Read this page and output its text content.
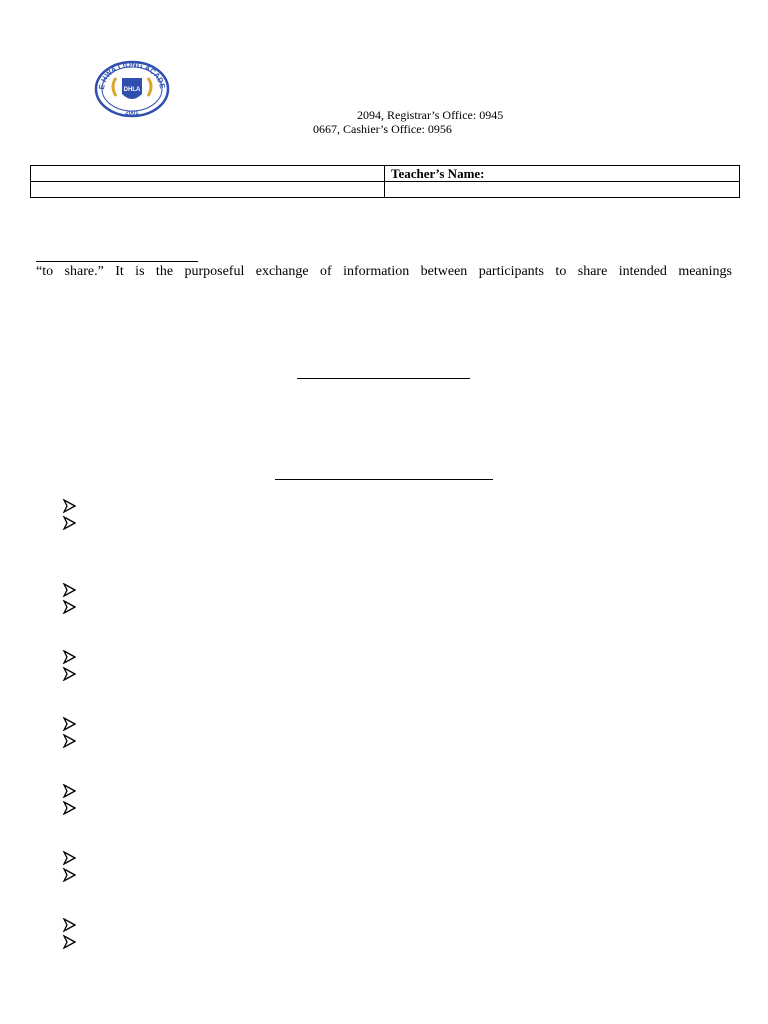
E HWA LIONG ACADE
DHLA
2001	2094, Registrar’s Office: 0945
0667, Cashier’s Office: 0956
	Teacher’s Name:

“to share.” It is the purposeful exchange of information between participants to share intended meanings
